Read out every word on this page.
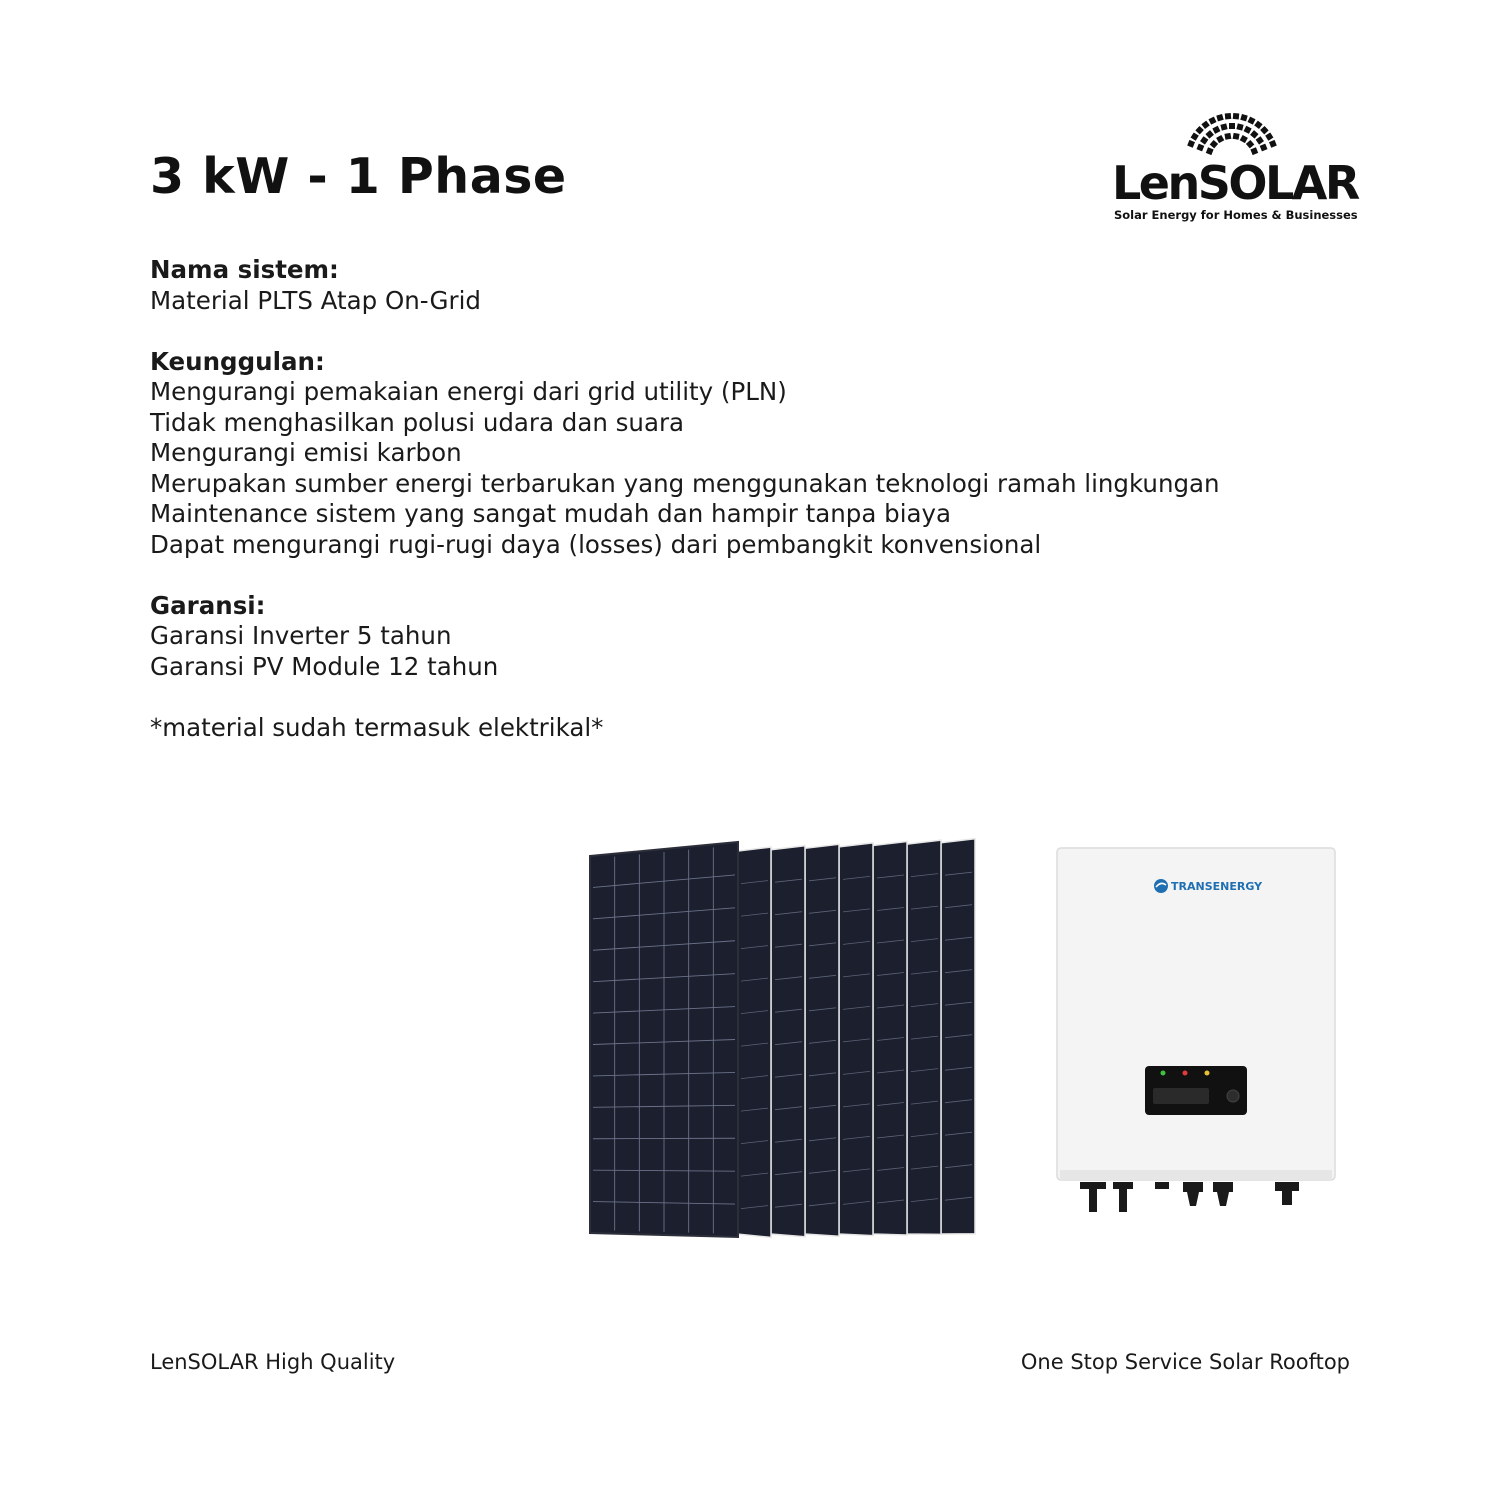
3 kW - 1 Phase	LenSOLAR
Solar Energy for Homes & Businesses
Nama sistem:
Material PLTS Atap On-Grid
Keunggulan:
Mengurangi pemakaian energi dari grid utility (PLN)
Tidak menghasilkan polusi udara dan suara
Mengurangi emisi karbon
Merupakan sumber energi terbarukan yang menggunakan teknologi ramah lingkungan
Maintenance sistem yang sangat mudah dan hampir tanpa biaya
Dapat mengurangi rugi-rugi daya (losses) dari pembangkit konvensional
Garansi:
Garansi Inverter 5 tahun
Garansi PV Module 12 tahun
*material sudah termasuk elektrikal*
TRANSENERGY
LenSOLAR High Quality	One Stop Service Solar Rooftop
